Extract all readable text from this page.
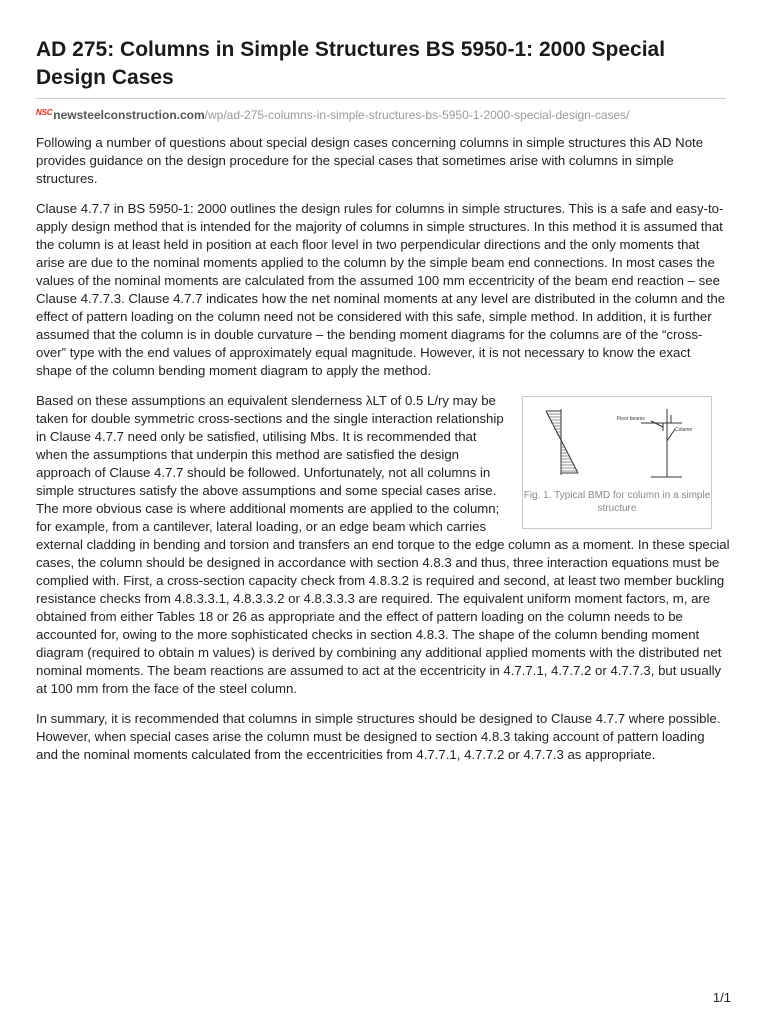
AD 275: Columns in Simple Structures BS 5950-1: 2000 Special Design Cases
NSCnewsteelconstruction.com/wp/ad-275-columns-in-simple-structures-bs-5950-1-2000-special-design-cases/

Following a number of questions about special design cases concerning columns in simple structures this AD Note provides guidance on the design procedure for the special cases that sometimes arise with columns in simple structures.

Clause 4.7.7 in BS 5950-1: 2000 outlines the design rules for columns in simple structures. This is a safe and easy-to-apply design method that is intended for the majority of columns in simple structures. In this method it is assumed that the column is at least held in position at each floor level in two perpendicular directions and the only moments that arise are due to the nominal moments applied to the column by the simple beam end connections. In most cases the values of the nominal moments are calculated from the assumed 100 mm eccentricity of the beam end reaction – see Clause 4.7.7.3. Clause 4.7.7 indicates how the net nominal moments at any level are distributed in the column and the effect of pattern loading on the column need not be considered with this safe, simple method. In addition, it is further assumed that the column is in double curvature – the bending moment diagrams for the columns are of the “cross-over” type with the end values of approximately equal magnitude. However, it is not necessary to know the exact shape of the column bending moment diagram to apply the method.

Floor beams
Column
Fig. 1. Typical BMD for column in a simple structure

Based on these assumptions an equivalent slenderness λLT of 0.5 L/ry may be taken for double symmetric cross-sections and the single interaction relationship in Clause 4.7.7 need only be satisfied, utilising Mbs. It is recommended that when the assumptions that underpin this method are satisfied the design approach of Clause 4.7.7 should be followed. Unfortunately, not all columns in simple structures satisfy the above assumptions and some special cases arise. The more obvious case is where additional moments are applied to the column; for example, from a cantilever, lateral loading, or an edge beam which carries external cladding in bending and torsion and transfers an end torque to the edge column as a moment. In these special cases, the column should be designed in accordance with section 4.8.3 and thus, three interaction equations must be complied with. First, a cross-section capacity check from 4.8.3.2 is required and second, at least two member buckling resistance checks from 4.8.3.3.1, 4.8.3.3.2 or 4.8.3.3.3 are required. The equivalent uniform moment factors, m, are obtained from either Tables 18 or 26 as appropriate and the effect of pattern loading on the column needs to be accounted for, owing to the more sophisticated checks in section 4.8.3. The shape of the column bending moment diagram (required to obtain m values) is derived by combining any additional applied moments with the distributed net nominal moments. The beam reactions are assumed to act at the eccentricity in 4.7.7.1, 4.7.7.2 or 4.7.7.3, but usually at 100 mm from the face of the steel column.

In summary, it is recommended that columns in simple structures should be designed to Clause 4.7.7 where possible. However, when special cases arise the column must be designed to section 4.8.3 taking account of pattern loading and the nominal moments calculated from the eccentricities from 4.7.7.1, 4.7.7.2 or 4.7.7.3 as appropriate.

1/1
